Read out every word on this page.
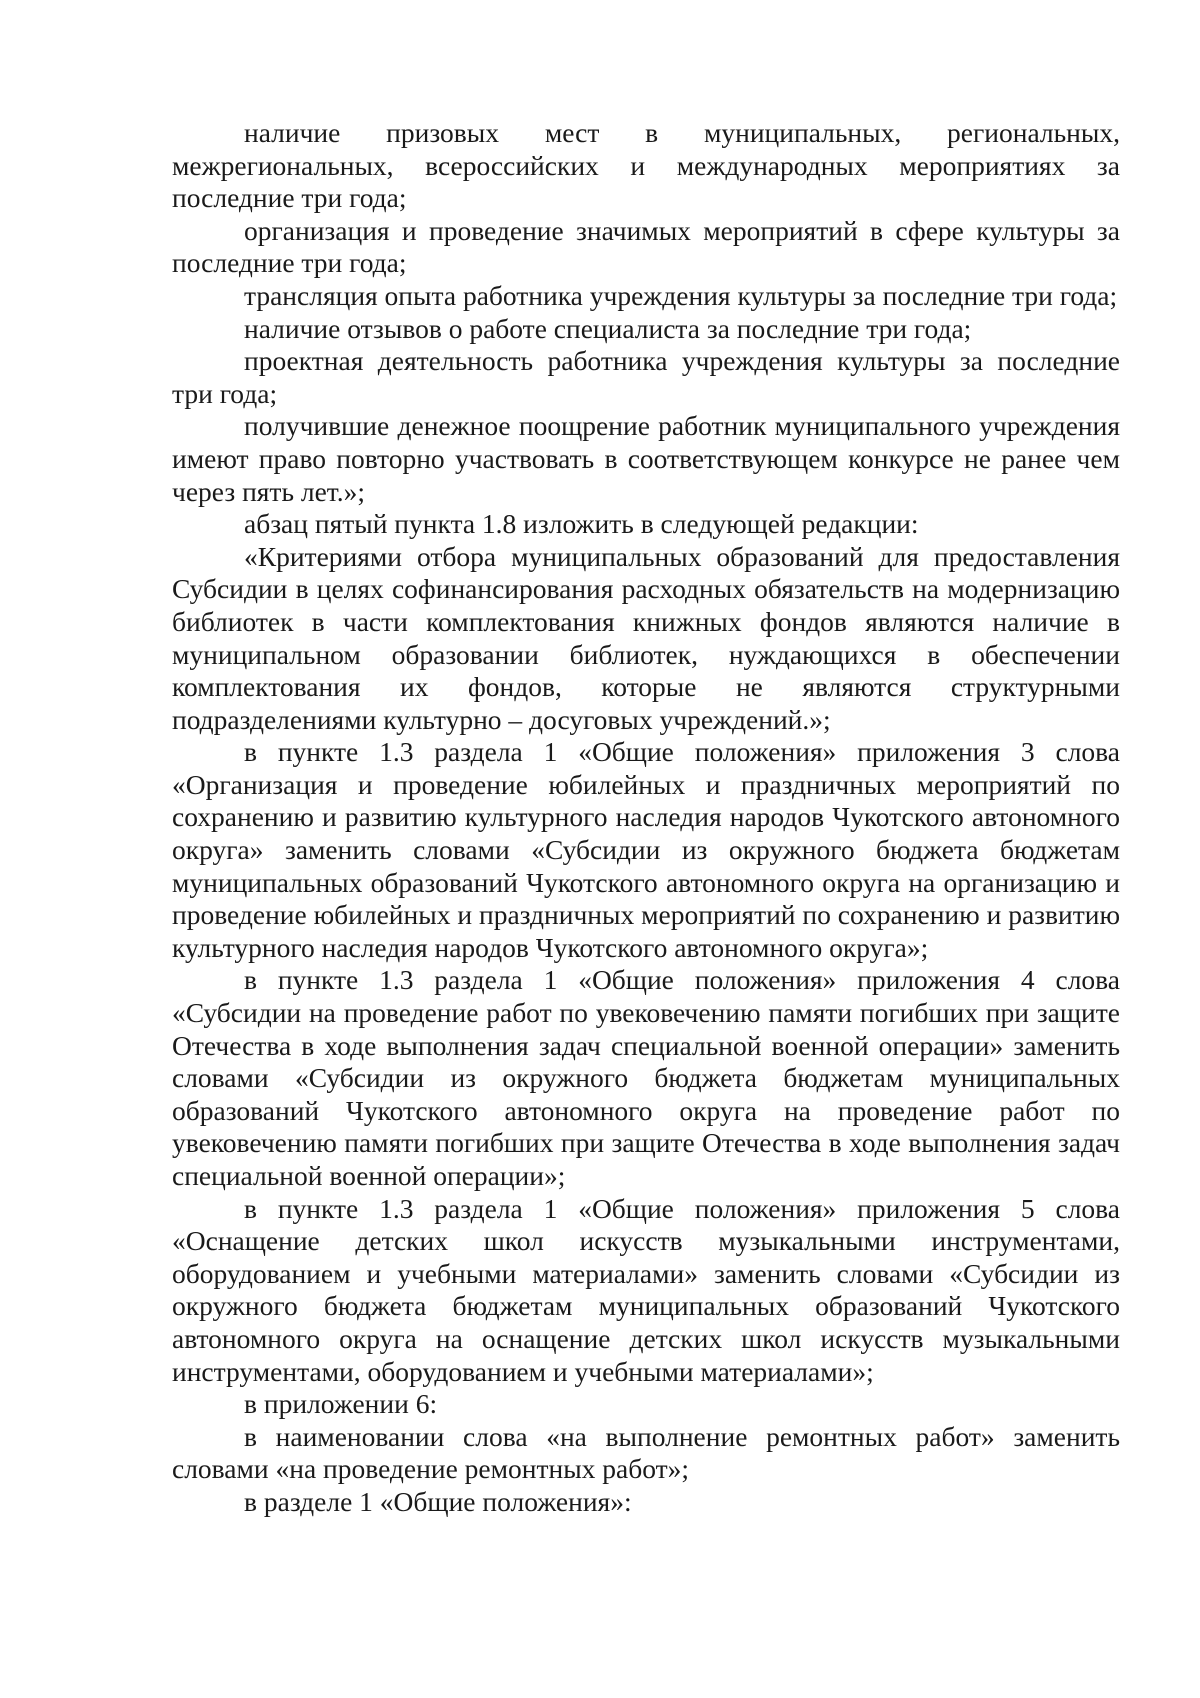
наличие призовых мест в муниципальных, региональных, межрегиональных, всероссийских и международных мероприятиях за последние три года;

организация и проведение значимых мероприятий в сфере культуры за последние три года;

трансляция опыта работника учреждения культуры за последние три года;

наличие отзывов о работе специалиста за последние три года;

проектная деятельность работника учреждения культуры за последние три года;

получившие денежное поощрение работник муниципального учреждения имеют право повторно участвовать в соответствующем конкурсе не ранее чем через пять лет.»;

абзац пятый пункта 1.8 изложить в следующей редакции:

«Критериями отбора муниципальных образований для предоставления Субсидии в целях софинансирования расходных обязательств на модернизацию библиотек в части комплектования книжных фондов являются наличие в муниципальном образовании библиотек, нуждающихся в обеспечении комплектования их фондов, которые не являются структурными подразделениями культурно – досуговых учреждений.»;

в пункте 1.3 раздела 1 «Общие положения» приложения 3 слова «Организация и проведение юбилейных и праздничных мероприятий по сохранению и развитию культурного наследия народов Чукотского автономного округа» заменить словами «Субсидии из окружного бюджета бюджетам муниципальных образований Чукотского автономного округа на организацию и проведение юбилейных и праздничных мероприятий по сохранению и развитию культурного наследия народов Чукотского автономного округа»;

в пункте 1.3 раздела 1 «Общие положения» приложения 4 слова «Субсидии на проведение работ по увековечению памяти погибших при защите Отечества в ходе выполнения задач специальной военной операции» заменить словами «Субсидии из окружного бюджета бюджетам муниципальных образований Чукотского автономного округа на проведение работ по увековечению памяти погибших при защите Отечества в ходе выполнения задач специальной военной операции»;

в пункте 1.3 раздела 1 «Общие положения» приложения 5 слова «Оснащение детских школ искусств музыкальными инструментами, оборудованием и учебными материалами» заменить словами «Субсидии из окружного бюджета бюджетам муниципальных образований Чукотского автономного округа на оснащение детских школ искусств музыкальными инструментами, оборудованием и учебными материалами»;

в приложении 6:

в наименовании слова «на выполнение ремонтных работ» заменить словами «на проведение ремонтных работ»;

в разделе 1 «Общие положения»:
